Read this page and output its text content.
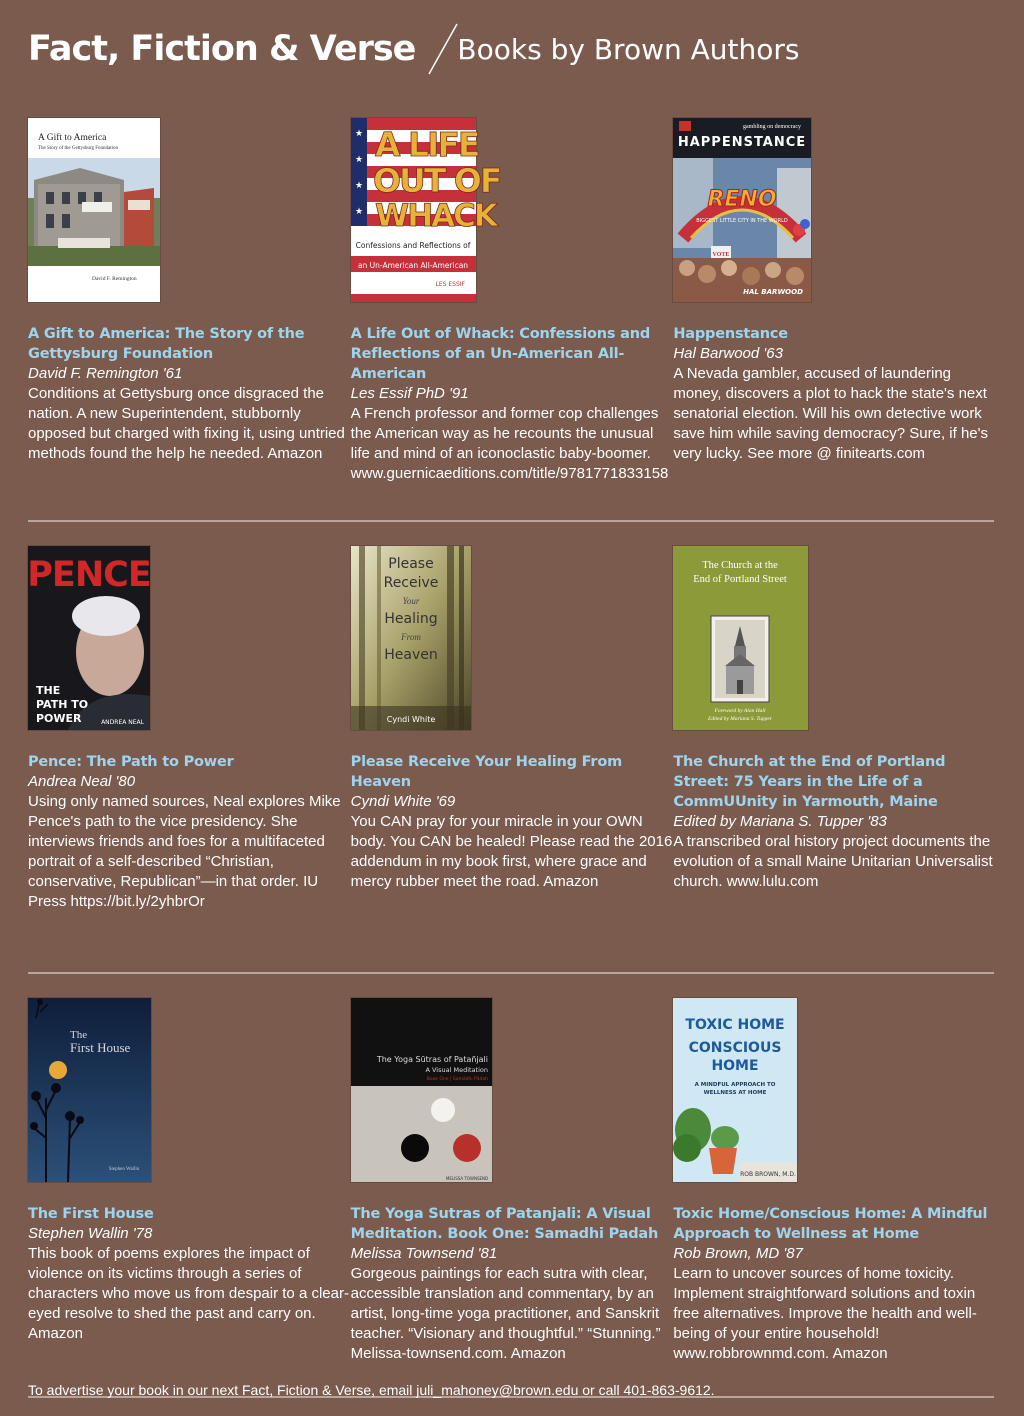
Fact, Fiction & Verse Books by Brown Authors
A Gift to America
The Story of the Gettysburg Foundation
David F. Remington
A Gift to America: The Story of the Gettysburg Foundation
David F. Remington '61
Conditions at Gettysburg once disgraced the nation. A new Superintendent, stubbornly opposed but charged with fixing it, using untried methods found the help he needed. Amazon
★
★
★
★
A LIFE
OUT OF
WHACK
Confessions and Reflections of
an Un-American All-American
LES ESSIF
A Life Out of Whack: Confessions and Reflections of an Un-American All-American
Les Essif PhD '91
A French professor and former cop challenges the American way as he recounts the unusual life and mind of an iconoclastic baby-boomer. www.guernicaeditions.com/title/9781771833158
gambling on democracy
HAPPENSTANCE
RENO
BIGGEST LITTLE CITY IN THE WORLD
VOTE
HAL BARWOOD
Happenstance
Hal Barwood '63
A Nevada gambler, accused of laundering money, discovers a plot to hack the state's next senatorial election. Will his own detective work save him while saving democracy? Sure, if he's very lucky. See more @ finitearts.com
PENCE
THE
PATH TO
POWER	ANDREA NEAL
Pence: The Path to Power
Andrea Neal '80
Using only named sources, Neal explores Mike Pence's path to the vice presidency. She interviews friends and foes for a multifaceted portrait of a self-described “Christian, conservative, Republican”—in that order. IU Press https://bit.ly/2yhbrOr
Please
Receive
Your
Healing
From
Heaven
Cyndi White
Please Receive Your Healing From Heaven
Cyndi White '69
You CAN pray for your miracle in your OWN body. You CAN be healed! Please read the 2016 addendum in my book first, where grace and mercy rubber meet the road. Amazon
The Church at the
End of Portland Street
Foreword by Alan Hall
Edited by Mariana S. Tupper
The Church at the End of Portland Street: 75 Years in the Life of a CommUUnity in Yarmouth, Maine
Edited by Mariana S. Tupper '83
A transcribed oral history project documents the evolution of a small Maine Unitarian Universalist church. www.lulu.com
The
First House
Stephen Wallin
The First House
Stephen Wallin '78
This book of poems explores the impact of violence on its victims through a series of characters who move us from despair to a clear-eyed resolve to shed the past and carry on. Amazon
The Yoga Sūtras of Patañjali
A Visual Meditation
Book One | Samādhi Pādah
MELISSA TOWNSEND
The Yoga Sutras of Patanjali: A Visual Meditation. Book One: Samadhi Padah
Melissa Townsend '81
Gorgeous paintings for each sutra with clear, accessible translation and commentary, by an artist, long-time yoga practitioner, and Sanskrit teacher. “Visionary and thoughtful.” “Stunning.” Melissa-townsend.com. Amazon
TOXIC HOME
CONSCIOUS
HOME
A MINDFUL APPROACH TO
WELLNESS AT HOME
ROB BROWN, M.D.
Toxic Home/Conscious Home: A Mindful Approach to Wellness at Home
Rob Brown, MD '87
Learn to uncover sources of home toxicity. Implement straightforward solutions and toxin free alternatives. Improve the health and well-being of your entire household! www.robbrownmd.com. Amazon
To advertise your book in our next Fact, Fiction & Verse, email juli_mahoney@brown.edu or call 401-863-9612.
